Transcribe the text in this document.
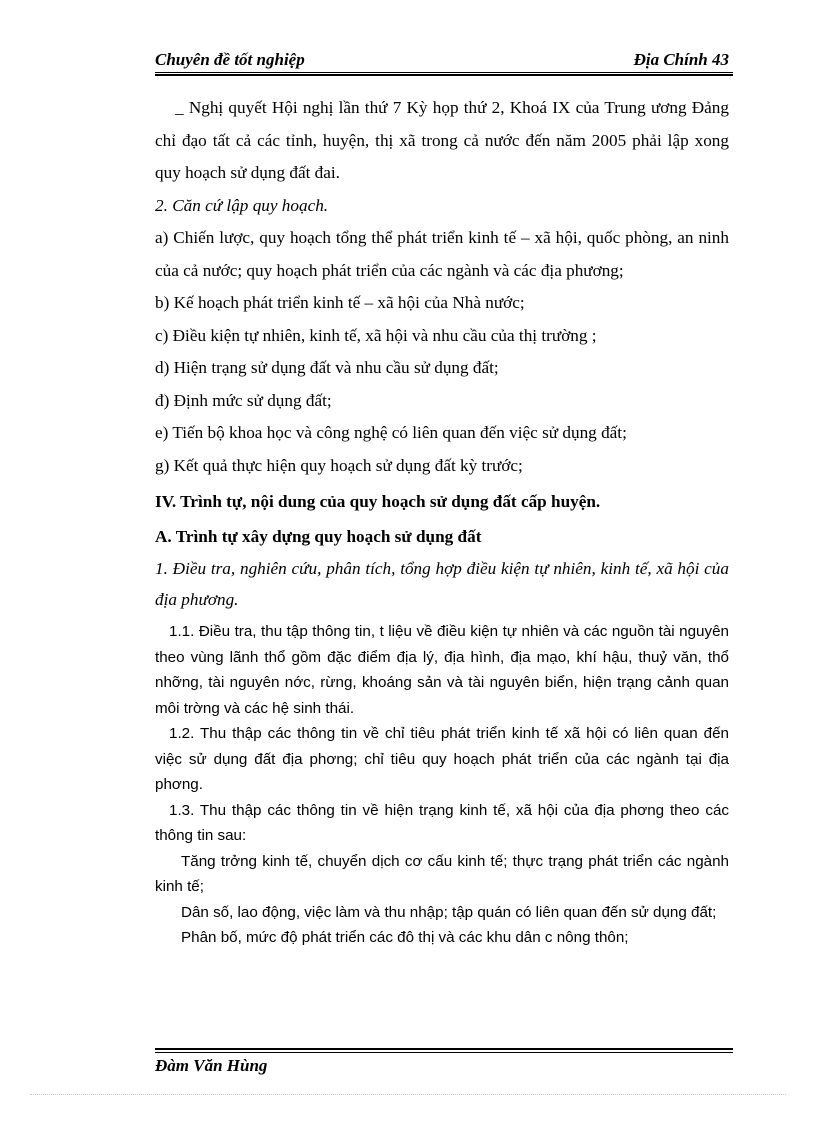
Chuyên đề tốt nghiệp	Địa Chính 43

_ Nghị quyết Hội nghị lần thứ 7 Kỳ họp thứ 2, Khoá IX của Trung ương Đảng chỉ đạo tất cả các tỉnh, huyện, thị xã trong cả nước đến năm 2005 phải lập xong quy hoạch sử dụng đất đai.

2. Căn cứ lập quy hoạch.

a) Chiến lược, quy hoạch tổng thể phát triển kinh tế – xã hội, quốc phòng, an ninh của cả nước; quy hoạch phát triển của các ngành và các địa phương;

b) Kế hoạch phát triển kinh tế – xã hội của Nhà nước;

c) Điều kiện tự nhiên, kinh tế, xã hội và nhu cầu của thị trường ;

d) Hiện trạng sử dụng đất và nhu cầu sử dụng đất;

đ) Định mức sử dụng đất;

e) Tiến bộ khoa học và công nghệ có liên quan đến việc sử dụng đất;

g) Kết quả thực hiện quy hoạch sử dụng đất kỳ trước;

IV. Trình tự, nội dung của quy hoạch sử dụng đất cấp huyện.

A. Trình tự xây dựng quy hoạch sử dụng đất

1. Điều tra, nghiên cứu, phân tích, tổng hợp điều kiện tự nhiên, kinh tế, xã hội của địa phương.

1.1. Điều tra, thu tập thông tin, t liệu về điều kiện tự nhiên và các nguồn tài nguyên theo vùng lãnh thổ gồm đặc điểm địa lý, địa hình, địa mạo, khí hậu, thuỷ văn, thổ nhỡng, tài nguyên nớc, rừng, khoáng sản và tài nguyên biển, hiện trạng cảnh quan môi trờng và các hệ sinh thái.

1.2. Thu thập các thông tin về chỉ tiêu phát triển kinh tế xã hội có liên quan đến việc sử dụng đất địa phơng; chỉ tiêu quy hoạch phát triển của các ngành tại địa phơng.

1.3. Thu thập các thông tin về hiện trạng kinh tế, xã hội của địa phơng theo các thông tin sau:

Tăng trởng kinh tế, chuyển dịch cơ cấu kinh tế; thực trạng phát triển các ngành kinh tế;

Dân số, lao động, việc làm và thu nhập; tập quán có liên quan đến sử dụng đất;

Phân bố, mức độ phát triển các đô thị và các khu dân c nông thôn;

Đàm Văn Hùng
